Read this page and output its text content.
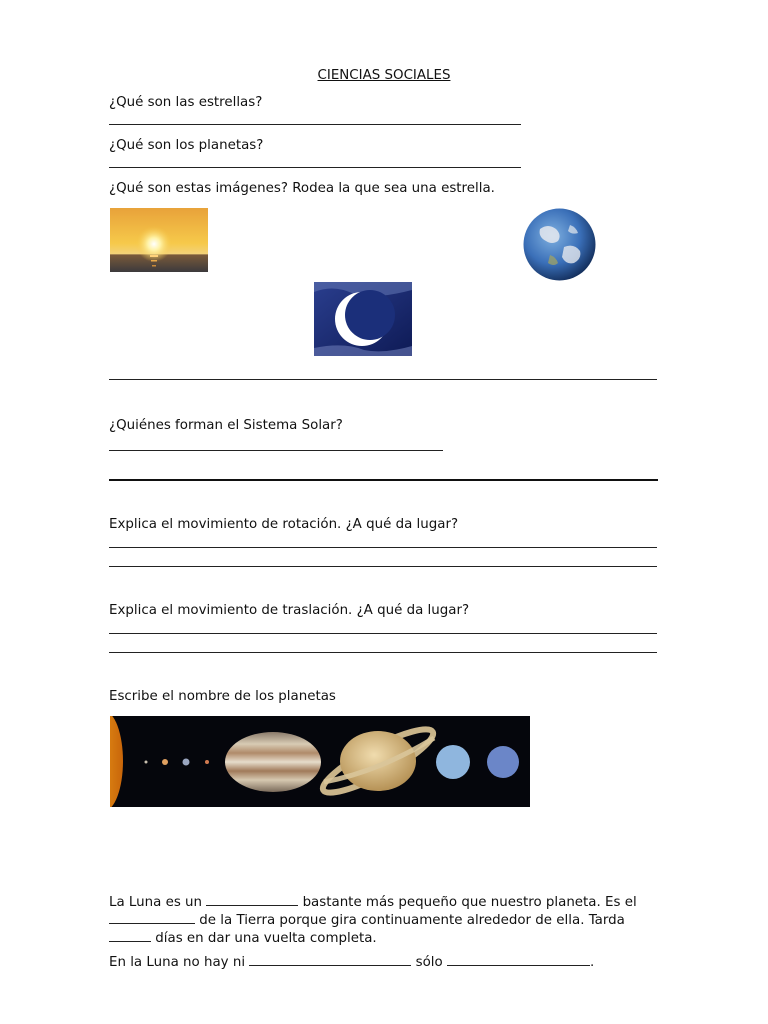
CIENCIAS SOCIALES
¿Qué son las estrellas?
¿Qué son los planetas?
¿Qué son estas imágenes? Rodea la que sea una estrella.
¿Quiénes forman el Sistema Solar?
Explica el movimiento de rotación. ¿A qué da lugar?
Explica el movimiento de traslación. ¿A qué da lugar?
Escribe el nombre de los planetas
La Luna es un	bastante más pequeño que nuestro planeta. Es el  de la Tierra porque gira continuamente alrededor de ella. Tarda  días en dar una vuelta completa.
En la Luna no hay ni	sólo	.
